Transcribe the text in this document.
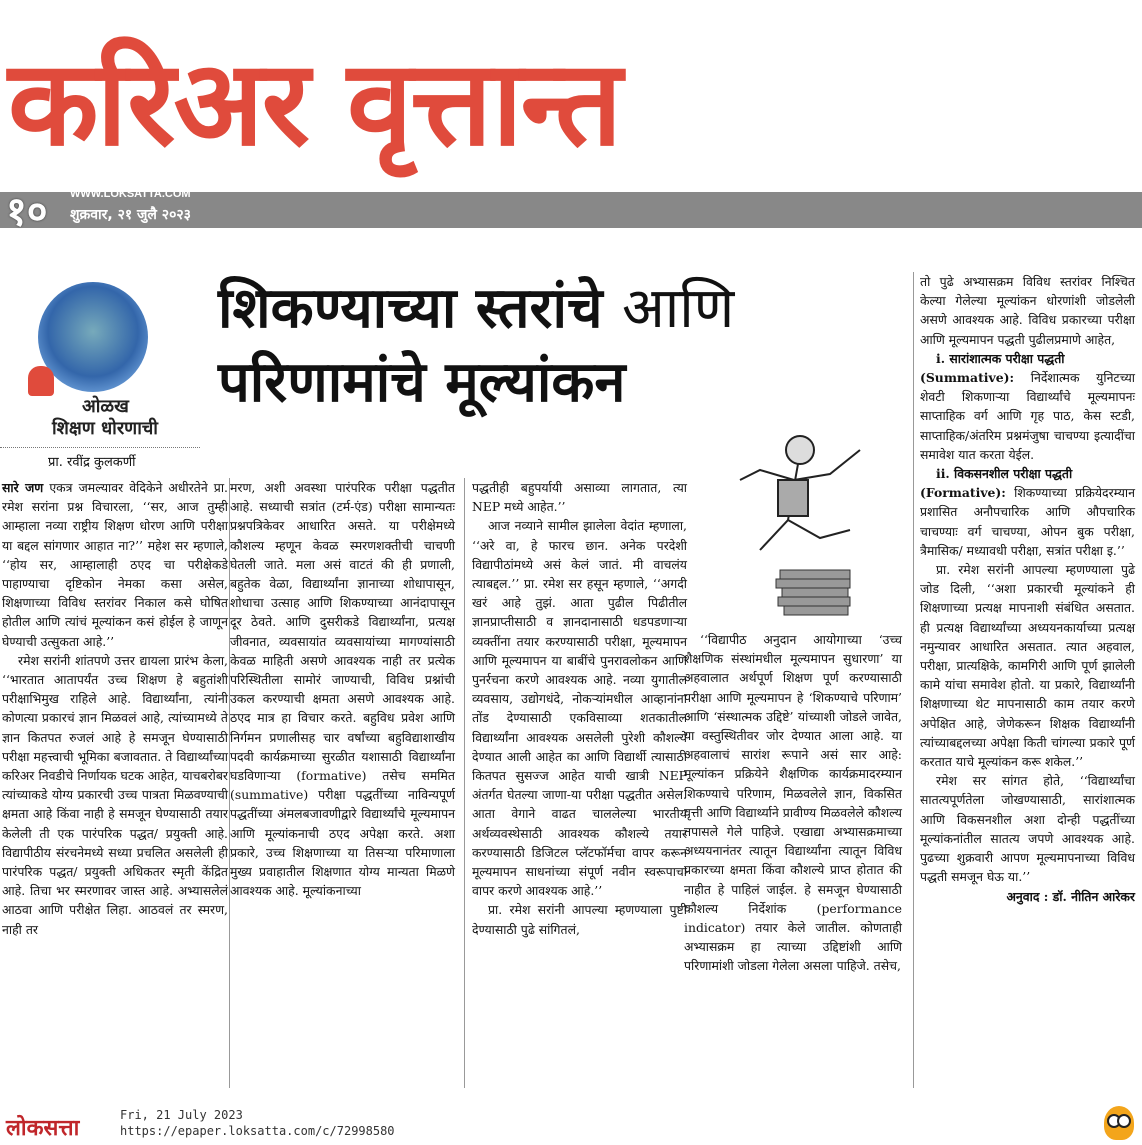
करिअर वृत्तान्त
१० WWW.LOKSATTA.COM
शुक्रवार, २१ जुलै २०२३
ओळख
शिक्षण धोरणाची
प्रा. रवींद्र कुलकर्णी
शिकण्याच्या स्तरांचे आणि
परिणामांचे मूल्यांकन

सारे जण एकत्र जमल्यावर वेदिकेने अधीरतेने प्रा. रमेश सरांना प्रश्न विचारला, ‘‘सर, आज तुम्ही आम्हाला नव्या राष्ट्रीय शिक्षण धोरण आणि परीक्षा या बद्दल सांगणार आहात ना?’’ महेश सर म्हणाले, ‘‘होय सर, आम्हालाही ठएद चा परीक्षेकडे पाहाण्याचा दृष्टिकोन नेमका कसा असेल, शिक्षणाच्या विविध स्तरांवर निकाल कसे घोषित होतील आणि त्यांचं मूल्यांकन कसं होईल हे जाणून घेण्याची उत्सुकता आहे.’’

रमेश सरांनी शांतपणे उत्तर द्यायला प्रारंभ केला, ‘‘भारतात आतापर्यंत उच्च शिक्षण हे बहुतांशी परीक्षाभिमुख राहिले आहे. विद्यार्थ्यांना, त्यांनी कोणत्या प्रकारचं ज्ञान मिळवलं आहे, त्यांच्यामध्ये ते ज्ञान कितपत रुजलं आहे हे समजून घेण्यासाठी परीक्षा महत्त्वाची भूमिका बजावतात. ते विद्यार्थ्यांच्या करिअर निवडीचे निर्णायक घटक आहेत, याचबरोबर त्यांच्याकडे योग्य प्रकारची उच्च पात्रता मिळवण्याची क्षमता आहे किंवा नाही हे समजून घेण्यासाठी तयार केलेली ती एक पारंपरिक पद्धत/ प्रयुक्ती आहे. विद्यापीठीय संरचनेमध्ये सध्या प्रचलित असलेली ही पारंपरिक पद्धत/ प्रयुक्ती अधिकतर स्मृती केंद्रित आहे. तिचा भर स्मरणावर जास्त आहे. अभ्यासलेलं आठवा आणि परीक्षेत लिहा. आठवलं तर स्मरण, नाही तर

मरण, अशी अवस्था पारंपरिक परीक्षा पद्धतीत आहे. सध्याची सत्रांत (टर्म-एंड) परीक्षा सामान्यतः प्रश्नपत्रिकेवर आधारित असते. या परीक्षेमध्ये कौशल्य म्हणून केवळ स्मरणशक्तीची चाचणी घेतली जाते. मला असं वाटतं की ही प्रणाली, बहुतेक वेळा, विद्यार्थ्यांना ज्ञानाच्या शोधापासून, शोधाचा उत्साह आणि शिकण्याच्या आनंदापासून दूर ठेवते. आणि दुसरीकडे विद्यार्थ्यांना, प्रत्यक्ष जीवनात, व्यवसायांत व्यवसायांच्या मागण्यांसाठी केवळ माहिती असणे आवश्यक नाही तर प्रत्येक परिस्थितीला सामोरं जाण्याची, विविध प्रश्नांची उकल करण्याची क्षमता असणे आवश्यक आहे. ठएद मात्र हा विचार करते. बहुविध प्रवेश आणि निर्गमन प्रणालीसह चार वर्षांच्या बहुविद्याशाखीय पदवी कार्यक्रमाच्या सुरळीत यशासाठी विद्यार्थ्यांना घडविणाऱ्या (formative) तसेच सममित (summative) परीक्षा पद्धतींच्या नाविन्यपूर्ण पद्धतींच्या अंमलबजावणीद्वारे विद्यार्थ्यांचे मूल्यमापन आणि मूल्यांकनाची ठएद अपेक्षा करते. अशा प्रकारे, उच्च शिक्षणाच्या या तिसऱ्या परिमाणाला मुख्य प्रवाहातील शिक्षणात योग्य मान्यता मिळणे आवश्यक आहे. मूल्यांकनाच्या

पद्धतीही बहुपर्यायी असाव्या लागतात, त्या NEP मध्ये आहेत.’’

आज नव्याने सामील झालेला वेदांत म्हणाला, ‘‘अरे वा, हे फारच छान. अनेक परदेशी विद्यापीठांमध्ये असं केलं जातं. मी वाचलंय त्याबद्दल.’’ प्रा. रमेश सर हसून म्हणाले, ‘‘अगदी खरं आहे तुझं. आता पुढील पिढीतील ज्ञानप्राप्तीसाठी व ज्ञानदानासाठी धडपडणाऱ्या व्यक्तींना तयार करण्यासाठी परीक्षा, मूल्यमापन आणि मूल्यमापन या बाबींचे पुनरावलोकन आणि पुनर्रचना करणे आवश्यक आहे. नव्या युगातील व्यवसाय, उद्योगधंदे, नोकऱ्यांमधील आव्हानांना तोंड देण्यासाठी एकविसाव्या शतकातील विद्यार्थ्यांना आवश्यक असलेली पुरेशी कौशल्ये देण्यात आली आहेत का आणि विद्यार्थी त्यासाठी कितपत सुसज्ज आहेत याची खात्री NEP अंतर्गत घेतल्या जाणा-या परीक्षा पद्धतीत असेल. आता वेगाने वाढत चाललेल्या भारतीय अर्थव्यवस्थेसाठी आवश्यक कौशल्ये तयार करण्यासाठी डिजिटल प्लॅटफॉर्मचा वापर करून मूल्यमापन साधनांच्या संपूर्ण नवीन स्वरूपाचा वापर करणे आवश्यक आहे.’’

प्रा. रमेश सरांनी आपल्या म्हणण्याला पुष्टी देण्यासाठी पुढे सांगितलं,

‘‘विद्यापीठ अनुदान आयोगाच्या ‘उच्च शैक्षणिक संस्थांमधील मूल्यमापन सुधारणा’ या अहवालात अर्थपूर्ण शिक्षण पूर्ण करण्यासाठी परीक्षा आणि मूल्यमापन हे ‘शिकण्याचे परिणाम’ आणि ‘संस्थात्मक उद्दिष्टे’ यांच्याशी जोडले जावेत, या वस्तुस्थितीवर जोर देण्यात आला आहे. या अहवालाचं सारांश रूपाने असं सार आहे: मूल्यांकन प्रक्रियेने शैक्षणिक कार्यक्रमादरम्यान शिकण्याचे परिणाम, मिळवलेले ज्ञान, विकसित वृत्ती आणि विद्यार्थ्याने प्रावीण्य मिळवलेले कौशल्य तपासले गेले पाहिजे. एखाद्या अभ्यासक्रमाच्या अध्ययनानंतर त्यातून विद्यार्थ्यांना त्यातून विविध प्रकारच्या क्षमता किंवा कौशल्ये प्राप्त होतात की नाहीत हे पाहिलं जाईल. हे समजून घेण्यासाठी कौशल्य निर्देशांक (performance indicator) तयार केले जातील. कोणताही अभ्यासक्रम हा त्याच्या उद्दिष्टांशी आणि परिणामांशी जोडला गेलेला असला पाहिजे. तसेच,

तो पुढे अभ्यासक्रम विविध स्तरांवर निश्चित केल्या गेलेल्या मूल्यांकन धोरणांशी जोडलेली असणे आवश्यक आहे. विविध प्रकारच्या परीक्षा आणि मूल्यमापन पद्धती पुढीलप्रमाणे आहेत,

i. सारांशात्मक परीक्षा पद्धती

(Summative): निर्देशात्मक युनिटच्या शेवटी शिकणाऱ्या विद्यार्थ्यांचे मूल्यमापनः साप्ताहिक वर्ग आणि गृह पाठ, केस स्टडी, साप्ताहिक/अंतरिम प्रश्नमंजुषा चाचण्या इत्यादींचा समावेश यात करता येईल.

ii. विकसनशील परीक्षा पद्धती

(Formative): शिकण्याच्या प्रक्रियेदरम्यान प्रशासित अनौपचारिक आणि औपचारिक चाचण्याः वर्ग चाचण्या, ओपन बुक परीक्षा, त्रैमासिक/ मध्यावधी परीक्षा, सत्रांत परीक्षा इ.’’

प्रा. रमेश सरांनी आपल्या म्हणण्याला पुढे जोड दिली, ‘‘अशा प्रकारची मूल्यांकने ही शिक्षणाच्या प्रत्यक्ष मापनाशी संबंधित असतात. ही प्रत्यक्ष विद्यार्थ्यांच्या अध्ययनकार्याच्या प्रत्यक्ष नमुन्यावर आधारित असतात. त्यात अहवाल, परीक्षा, प्रात्यक्षिके, कामगिरी आणि पूर्ण झालेली कामे यांचा समावेश होतो. या प्रकारे, विद्यार्थ्यांनी शिक्षणाच्या थेट मापनासाठी काम तयार करणे अपेक्षित आहे, जेणेकरून शिक्षक विद्यार्थ्यांनी त्यांच्याबद्दलच्या अपेक्षा किती चांगल्या प्रकारे पूर्ण करतात याचे मूल्यांकन करू शकेल.’’

रमेश सर सांगत होते, ‘‘विद्यार्थ्यांचा सातत्यपूर्णतेला जोखण्यासाठी, सारांशात्मक आणि विकसनशील अशा दोन्ही पद्धतींच्या मूल्यांकनांतील सातत्य जपणे आवश्यक आहे. पुढच्या शुक्रवारी आपण मूल्यमापनाच्या विविध पद्धती समजून घेऊ या.’’

अनुवाद : डॉ. नीतिन आरेकर

लोकसत्ता
Fri, 21 July 2023
https://epaper.loksatta.com/c/72998580
